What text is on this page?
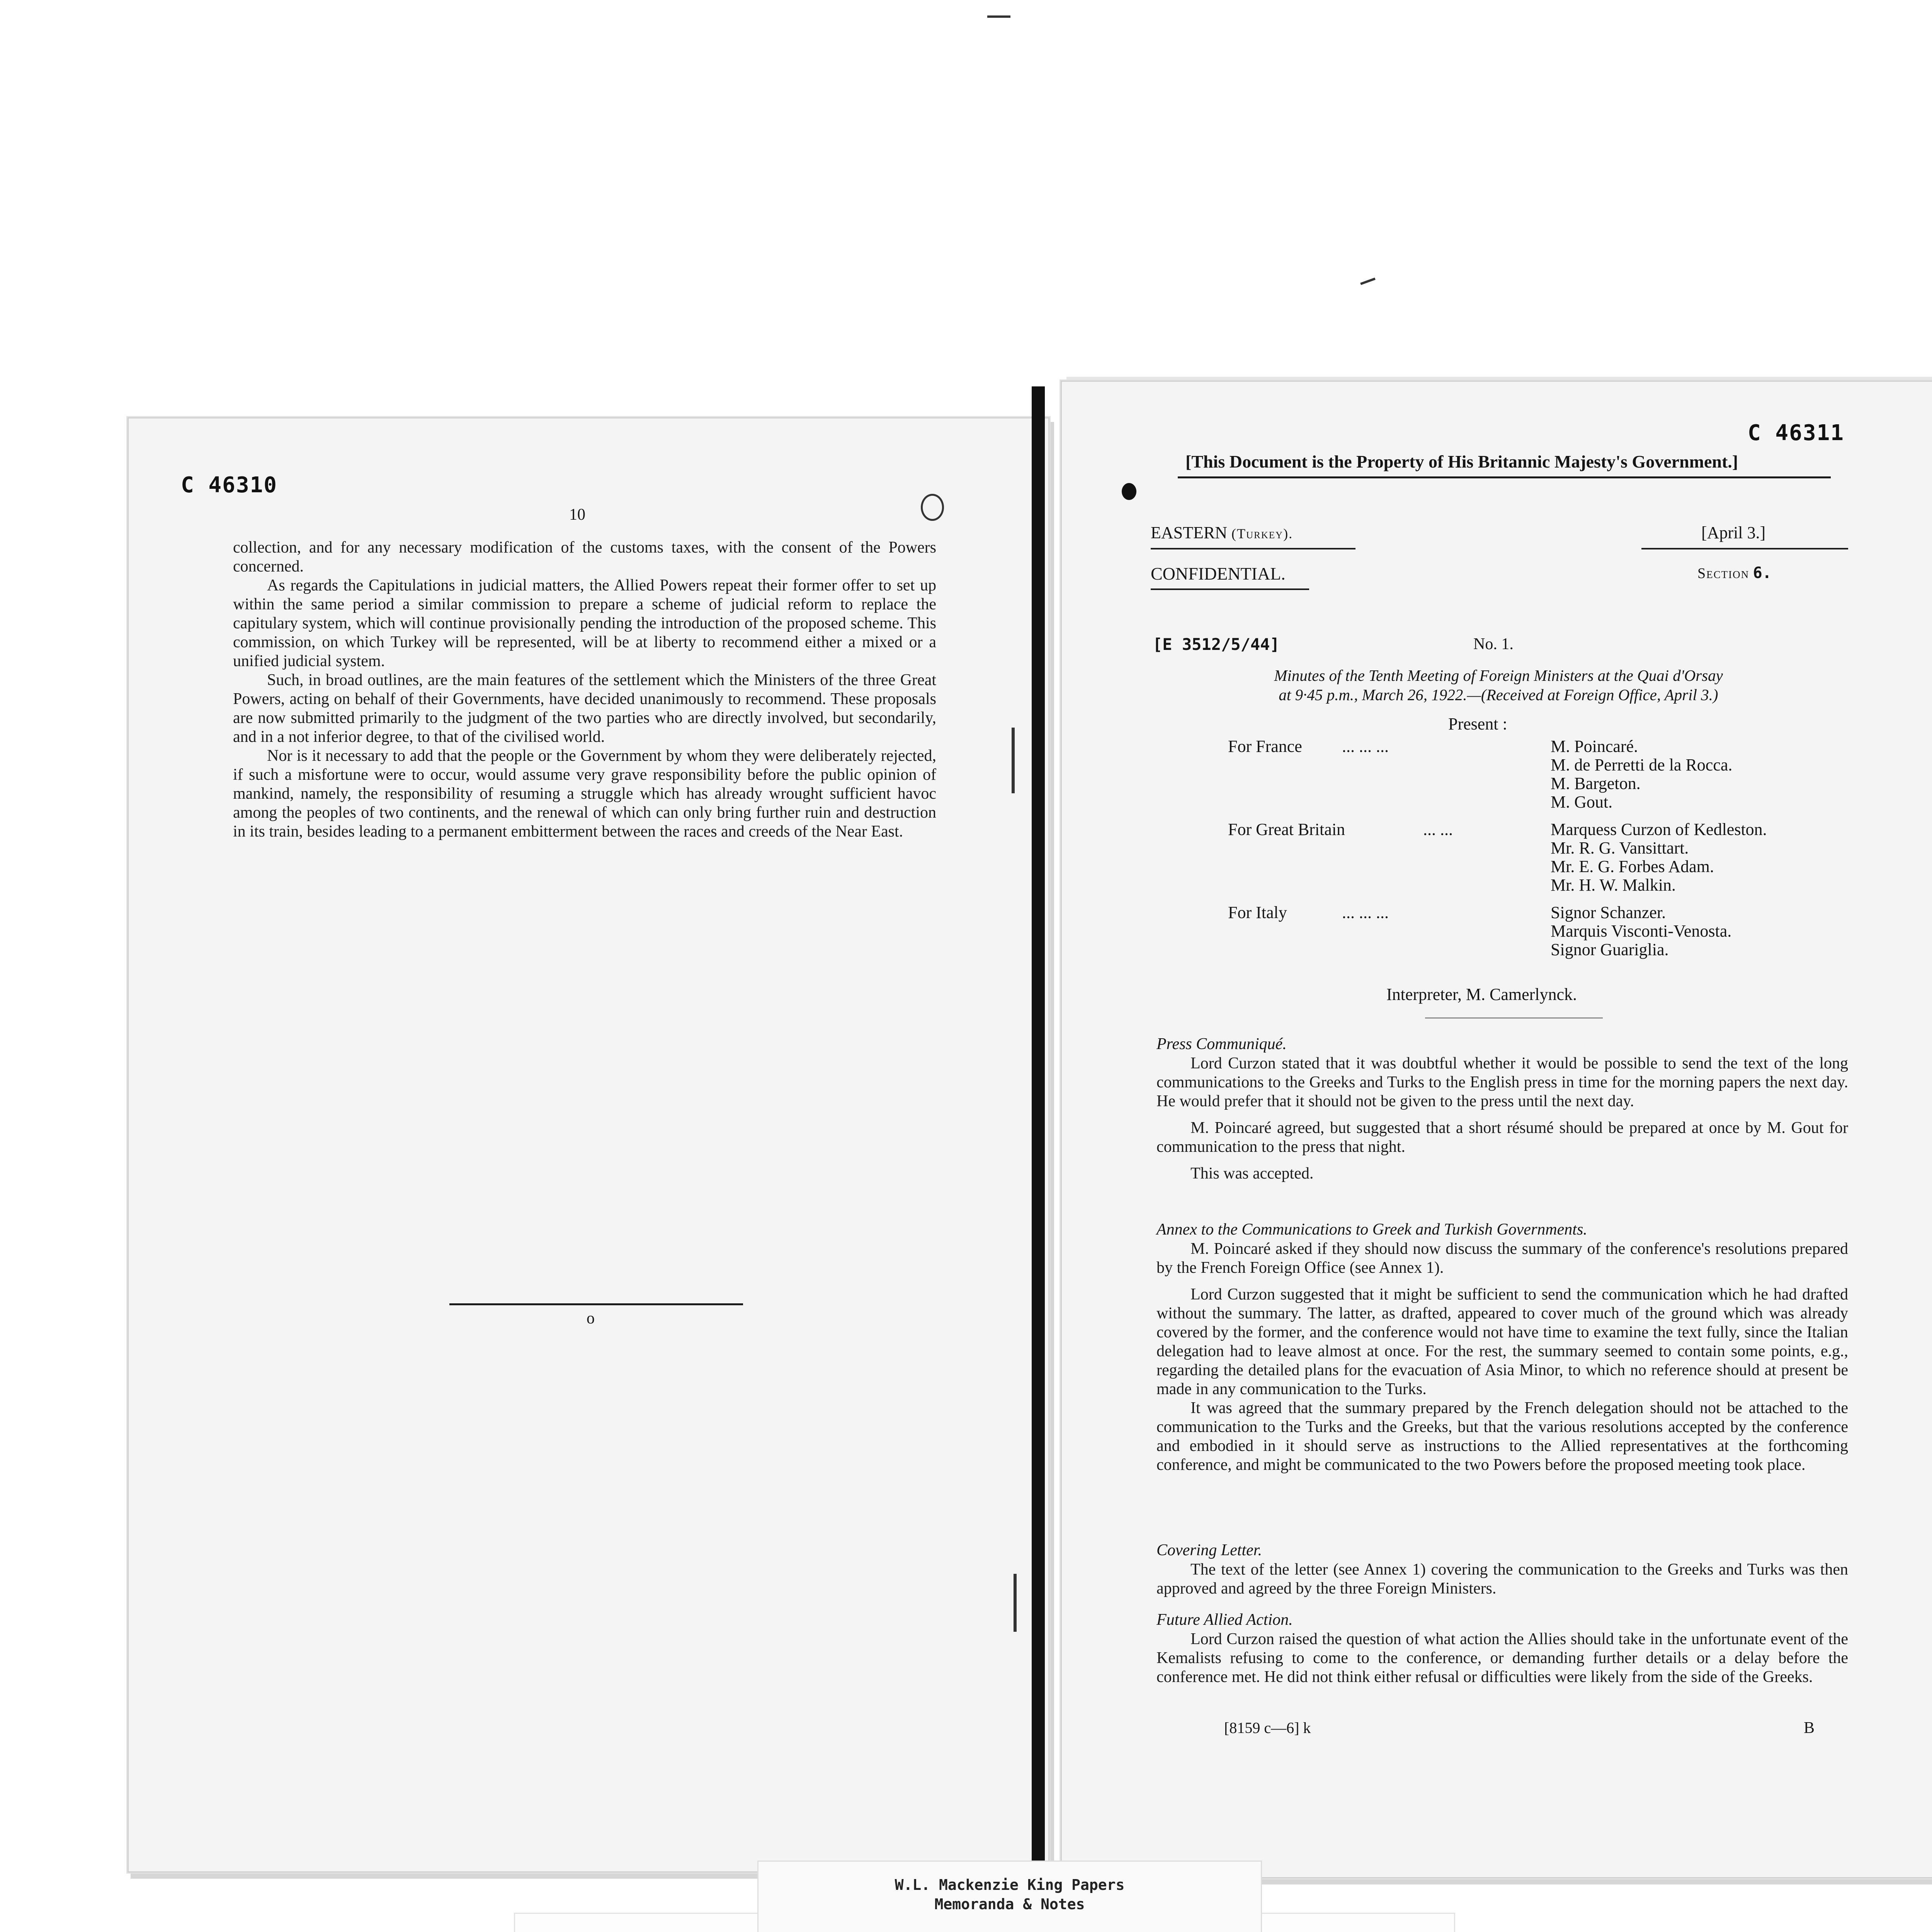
C 46310
10

collection, and for any necessary modification of the customs taxes, with the consent of the Powers concerned.

As regards the Capitulations in judicial matters, the Allied Powers repeat their former offer to set up within the same period a similar commission to prepare a scheme of judicial reform to replace the capitulary system, which will continue provisionally pending the introduction of the proposed scheme. This commission, on which Turkey will be represented, will be at liberty to recommend either a mixed or a unified judicial system.

Such, in broad outlines, are the main features of the settlement which the Ministers of the three Great Powers, acting on behalf of their Governments, have decided unanimously to recommend. These proposals are now submitted primarily to the judgment of the two parties who are directly involved, but secondarily, and in a not inferior degree, to that of the civilised world.

Nor is it necessary to add that the people or the Government by whom they were deliberately rejected, if such a misfortune were to occur, would assume very grave responsibility before the public opinion of mankind, namely, the responsibility of resuming a struggle which has already wrought sufficient havoc among the peoples of two continents, and the renewal of which can only bring further ruin and destruction in its train, besides leading to a permanent embitterment between the races and creeds of the Near East.

o
C 46311
[This Document is the Property of His Britannic Majesty's Government.]
EASTERN (Turkey).	[April 3.]
CONFIDENTIAL.	Section 6.
[E 3512/5/44]	No. 1.
Minutes of the Tenth Meeting of Foreign Ministers at the Quai d'Orsay
at 9·45 p.m., March 26, 1922.—(Received at Foreign Office, April 3.)
Present :
For France ... ... ...	M. Poincaré.
M. de Perretti de la Rocca.
M. Bargeton.
M. Gout.
For Great Britain	... ...	Marquess Curzon of Kedleston.
Mr. R. G. Vansittart.
Mr. E. G. Forbes Adam.
Mr. H. W. Malkin.
For Italy	... ... ...	Signor Schanzer.
Marquis Visconti-Venosta.
Signor Guariglia.
Interpreter, M. Camerlynck.
Press Communiqué.

Lord Curzon stated that it was doubtful whether it would be possible to send the text of the long communications to the Greeks and Turks to the English press in time for the morning papers the next day. He would prefer that it should not be given to the press until the next day.

M. Poincaré agreed, but suggested that a short résumé should be prepared at once by M. Gout for communication to the press that night.

This was accepted.

Annex to the Communications to Greek and Turkish Governments.

M. Poincaré asked if they should now discuss the summary of the conference's resolutions prepared by the French Foreign Office (see Annex 1).

Lord Curzon suggested that it might be sufficient to send the communication which he had drafted without the summary. The latter, as drafted, appeared to cover much of the ground which was already covered by the former, and the conference would not have time to examine the text fully, since the Italian delegation had to leave almost at once. For the rest, the summary seemed to contain some points, e.g., regarding the detailed plans for the evacuation of Asia Minor, to which no reference should at present be made in any communication to the Turks.

It was agreed that the summary prepared by the French delegation should not be attached to the communication to the Turks and the Greeks, but that the various resolutions accepted by the conference and embodied in it should serve as instructions to the Allied representatives at the forthcoming conference, and might be communicated to the two Powers before the proposed meeting took place.

Covering Letter.

The text of the letter (see Annex 1) covering the communication to the Greeks and Turks was then approved and agreed by the three Foreign Ministers.

Future Allied Action.

Lord Curzon raised the question of what action the Allies should take in the unfortunate event of the Kemalists refusing to come to the conference, or demanding further details or a delay before the conference met. He did not think either refusal or difficulties were likely from the side of the Greeks.

[8159 c—6] k	B
W.L. Mackenzie King Papers
Memoranda & Notes
